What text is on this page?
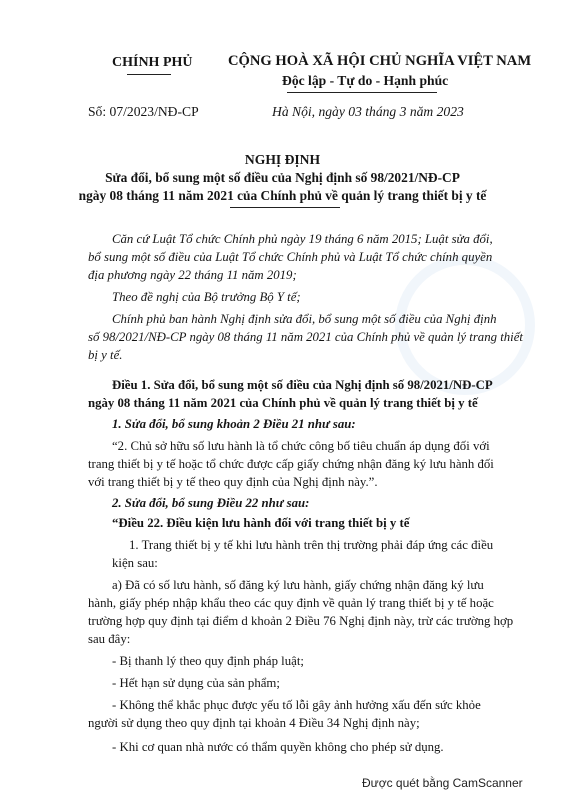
CHÍNH PHỦ CỘNG HOÀ XÃ HỘI CHỦ NGHĨA VIỆT NAM
Độc lập - Tự do - Hạnh phúc
Số: 07/2023/NĐ-CP	Hà Nội, ngày 03 tháng 3 năm 2023
NGHỊ ĐỊNH
Sửa đổi, bổ sung một số điều của Nghị định số 98/2021/NĐ-CP
ngày 08 tháng 11 năm 2021 của Chính phủ về quản lý trang thiết bị y tế
Căn cứ Luật Tổ chức Chính phủ ngày 19 tháng 6 năm 2015; Luật sửa đổi,
bổ sung một số điều của Luật Tổ chức Chính phủ và Luật Tổ chức chính quyền
địa phương ngày 22 tháng 11 năm 2019;
Theo đề nghị của Bộ trưởng Bộ Y tế;
Chính phủ ban hành Nghị định sửa đổi, bổ sung một số điều của Nghị định
số 98/2021/NĐ-CP ngày 08 tháng 11 năm 2021 của Chính phủ về quản lý trang thiết
bị y tế.
Điều 1. Sửa đổi, bổ sung một số điều của Nghị định số 98/2021/NĐ-CP
ngày 08 tháng 11 năm 2021 của Chính phủ về quản lý trang thiết bị y tế
1. Sửa đổi, bổ sung khoản 2 Điều 21 như sau:
“2. Chủ sở hữu số lưu hành là tổ chức công bố tiêu chuẩn áp dụng đối với
trang thiết bị y tế hoặc tổ chức được cấp giấy chứng nhận đăng ký lưu hành đối
với trang thiết bị y tế theo quy định của Nghị định này.”.
2. Sửa đổi, bổ sung Điều 22 như sau:
“Điều 22. Điều kiện lưu hành đối với trang thiết bị y tế
1. Trang thiết bị y tế khi lưu hành trên thị trường phải đáp ứng các điều
kiện sau:
a) Đã có số lưu hành, số đăng ký lưu hành, giấy chứng nhận đăng ký lưu
hành, giấy phép nhập khẩu theo các quy định về quản lý trang thiết bị y tế hoặc
trường hợp quy định tại điểm d khoản 2 Điều 76 Nghị định này, trừ các trường hợp
sau đây:
- Bị thanh lý theo quy định pháp luật;
- Hết hạn sử dụng của sản phẩm;
- Không thể khắc phục được yếu tố lỗi gây ảnh hưởng xấu đến sức khỏe
người sử dụng theo quy định tại khoản 4 Điều 34 Nghị định này;
- Khi cơ quan nhà nước có thẩm quyền không cho phép sử dụng.
Được quét bằng CamScanner
